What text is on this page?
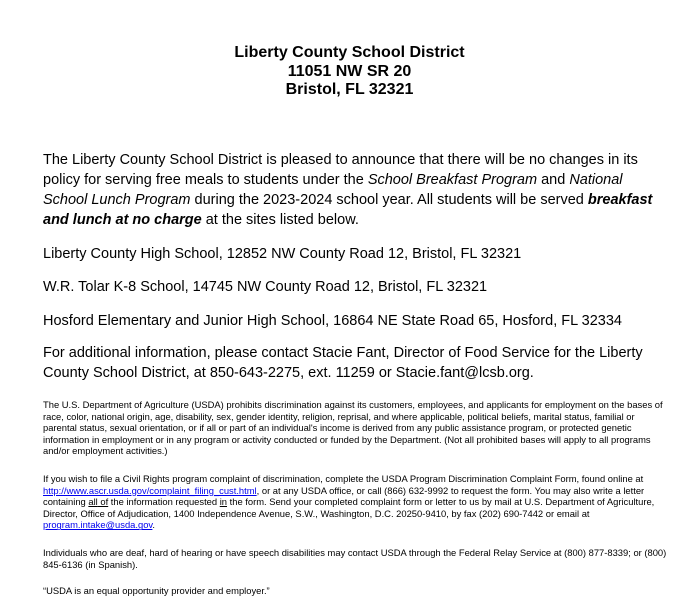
Liberty County School District
11051 NW SR 20
Bristol, FL 32321
The Liberty County School District is pleased to announce that there will be no changes in its policy for serving free meals to students under the School Breakfast Program and National School Lunch Program during the 2023-2024 school year. All students will be served breakfast and lunch at no charge at the sites listed below.
Liberty County High School, 12852 NW County Road 12, Bristol, FL 32321
W.R. Tolar K-8 School, 14745 NW County Road 12, Bristol, FL 32321
Hosford Elementary and Junior High School, 16864 NE State Road 65, Hosford, FL 32334
For additional information, please contact Stacie Fant, Director of Food Service for the Liberty County School District, at 850-643-2275, ext. 11259 or Stacie.fant@lcsb.org.
The U.S. Department of Agriculture (USDA) prohibits discrimination against its customers, employees, and applicants for employment on the bases of race, color, national origin, age, disability, sex, gender identity, religion, reprisal, and where applicable, political beliefs, marital status, familial or parental status, sexual orientation, or if all or part of an individual's income is derived from any public assistance program, or protected genetic information in employment or in any program or activity conducted or funded by the Department. (Not all prohibited bases will apply to all programs and/or employment activities.)
If you wish to file a Civil Rights program complaint of discrimination, complete the USDA Program Discrimination Complaint Form, found online at http://www.ascr.usda.gov/complaint_filing_cust.html, or at any USDA office, or call (866) 632-9992 to request the form. You may also write a letter containing all of the information requested in the form. Send your completed complaint form or letter to us by mail at U.S. Department of Agriculture, Director, Office of Adjudication, 1400 Independence Avenue, S.W., Washington, D.C. 20250-9410, by fax (202) 690-7442 or email at program.intake@usda.gov.
Individuals who are deaf, hard of hearing or have speech disabilities may contact USDA through the Federal Relay Service at (800) 877-8339; or (800) 845-6136 (in Spanish).
“USDA is an equal opportunity provider and employer.”
